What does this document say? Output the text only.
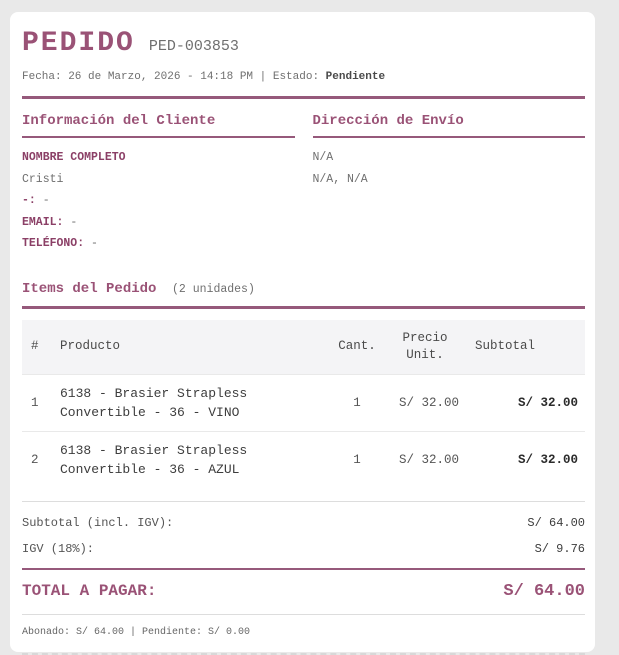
PEDIDO PED-003853
Fecha: 26 de Marzo, 2026 - 14:18 PM | Estado: Pendiente
Información del Cliente
NOMBRE COMPLETO
Cristi
-: -
EMAIL: -
TELÉFONO: -
Dirección de Envío
N/A
N/A, N/A
Items del Pedido (2 unidades)
#	Producto	Cant.	Precio Unit.	Subtotal
1	6138 - Brasier Strapless Convertible - 36 - VINO	1	S/ 32.00	S/ 32.00
2	6138 - Brasier Strapless Convertible - 36 - AZUL	1	S/ 32.00	S/ 32.00
Subtotal (incl. IGV):	S/ 64.00
IGV (18%):	S/ 9.76
TOTAL A PAGAR:	S/ 64.00
Abonado: S/ 64.00 | Pendiente: S/ 0.00
